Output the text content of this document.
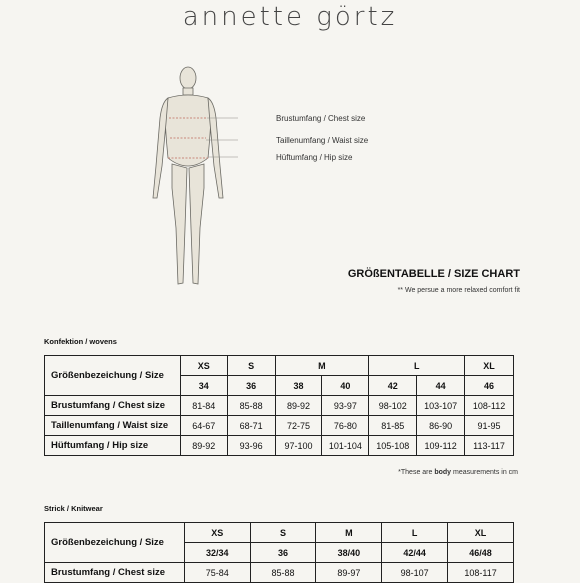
annette görtz
Brustumfang / Chest size
Taillenumfang / Waist size
Hüftumfang / Hip size
GRÖßENTABELLE / SIZE CHART
** We persue a more relaxed comfort fit
Konfektion / wovens
Größenbezeichung / Size	XS	S	M		L		XL
	34	36	38	40	42	44	46
Brustumfang / Chest size	81-84	85-88	89-92	93-97	98-102	103-107	108-112
Taillenumfang / Waist size	64-67	68-71	72-75	76-80	81-85	86-90	91-95
Hüftumfang / Hip size	89-92	93-96	97-100	101-104	105-108	109-112	113-117
*These are body measurements in cm
Strick / Knitwear
Größenbezeichung / Size	XS	S	M	L	XL
	32/34	36	38/40	42/44	46/48
Brustumfang / Chest size	75-84	85-88	89-97	98-107	108-117
